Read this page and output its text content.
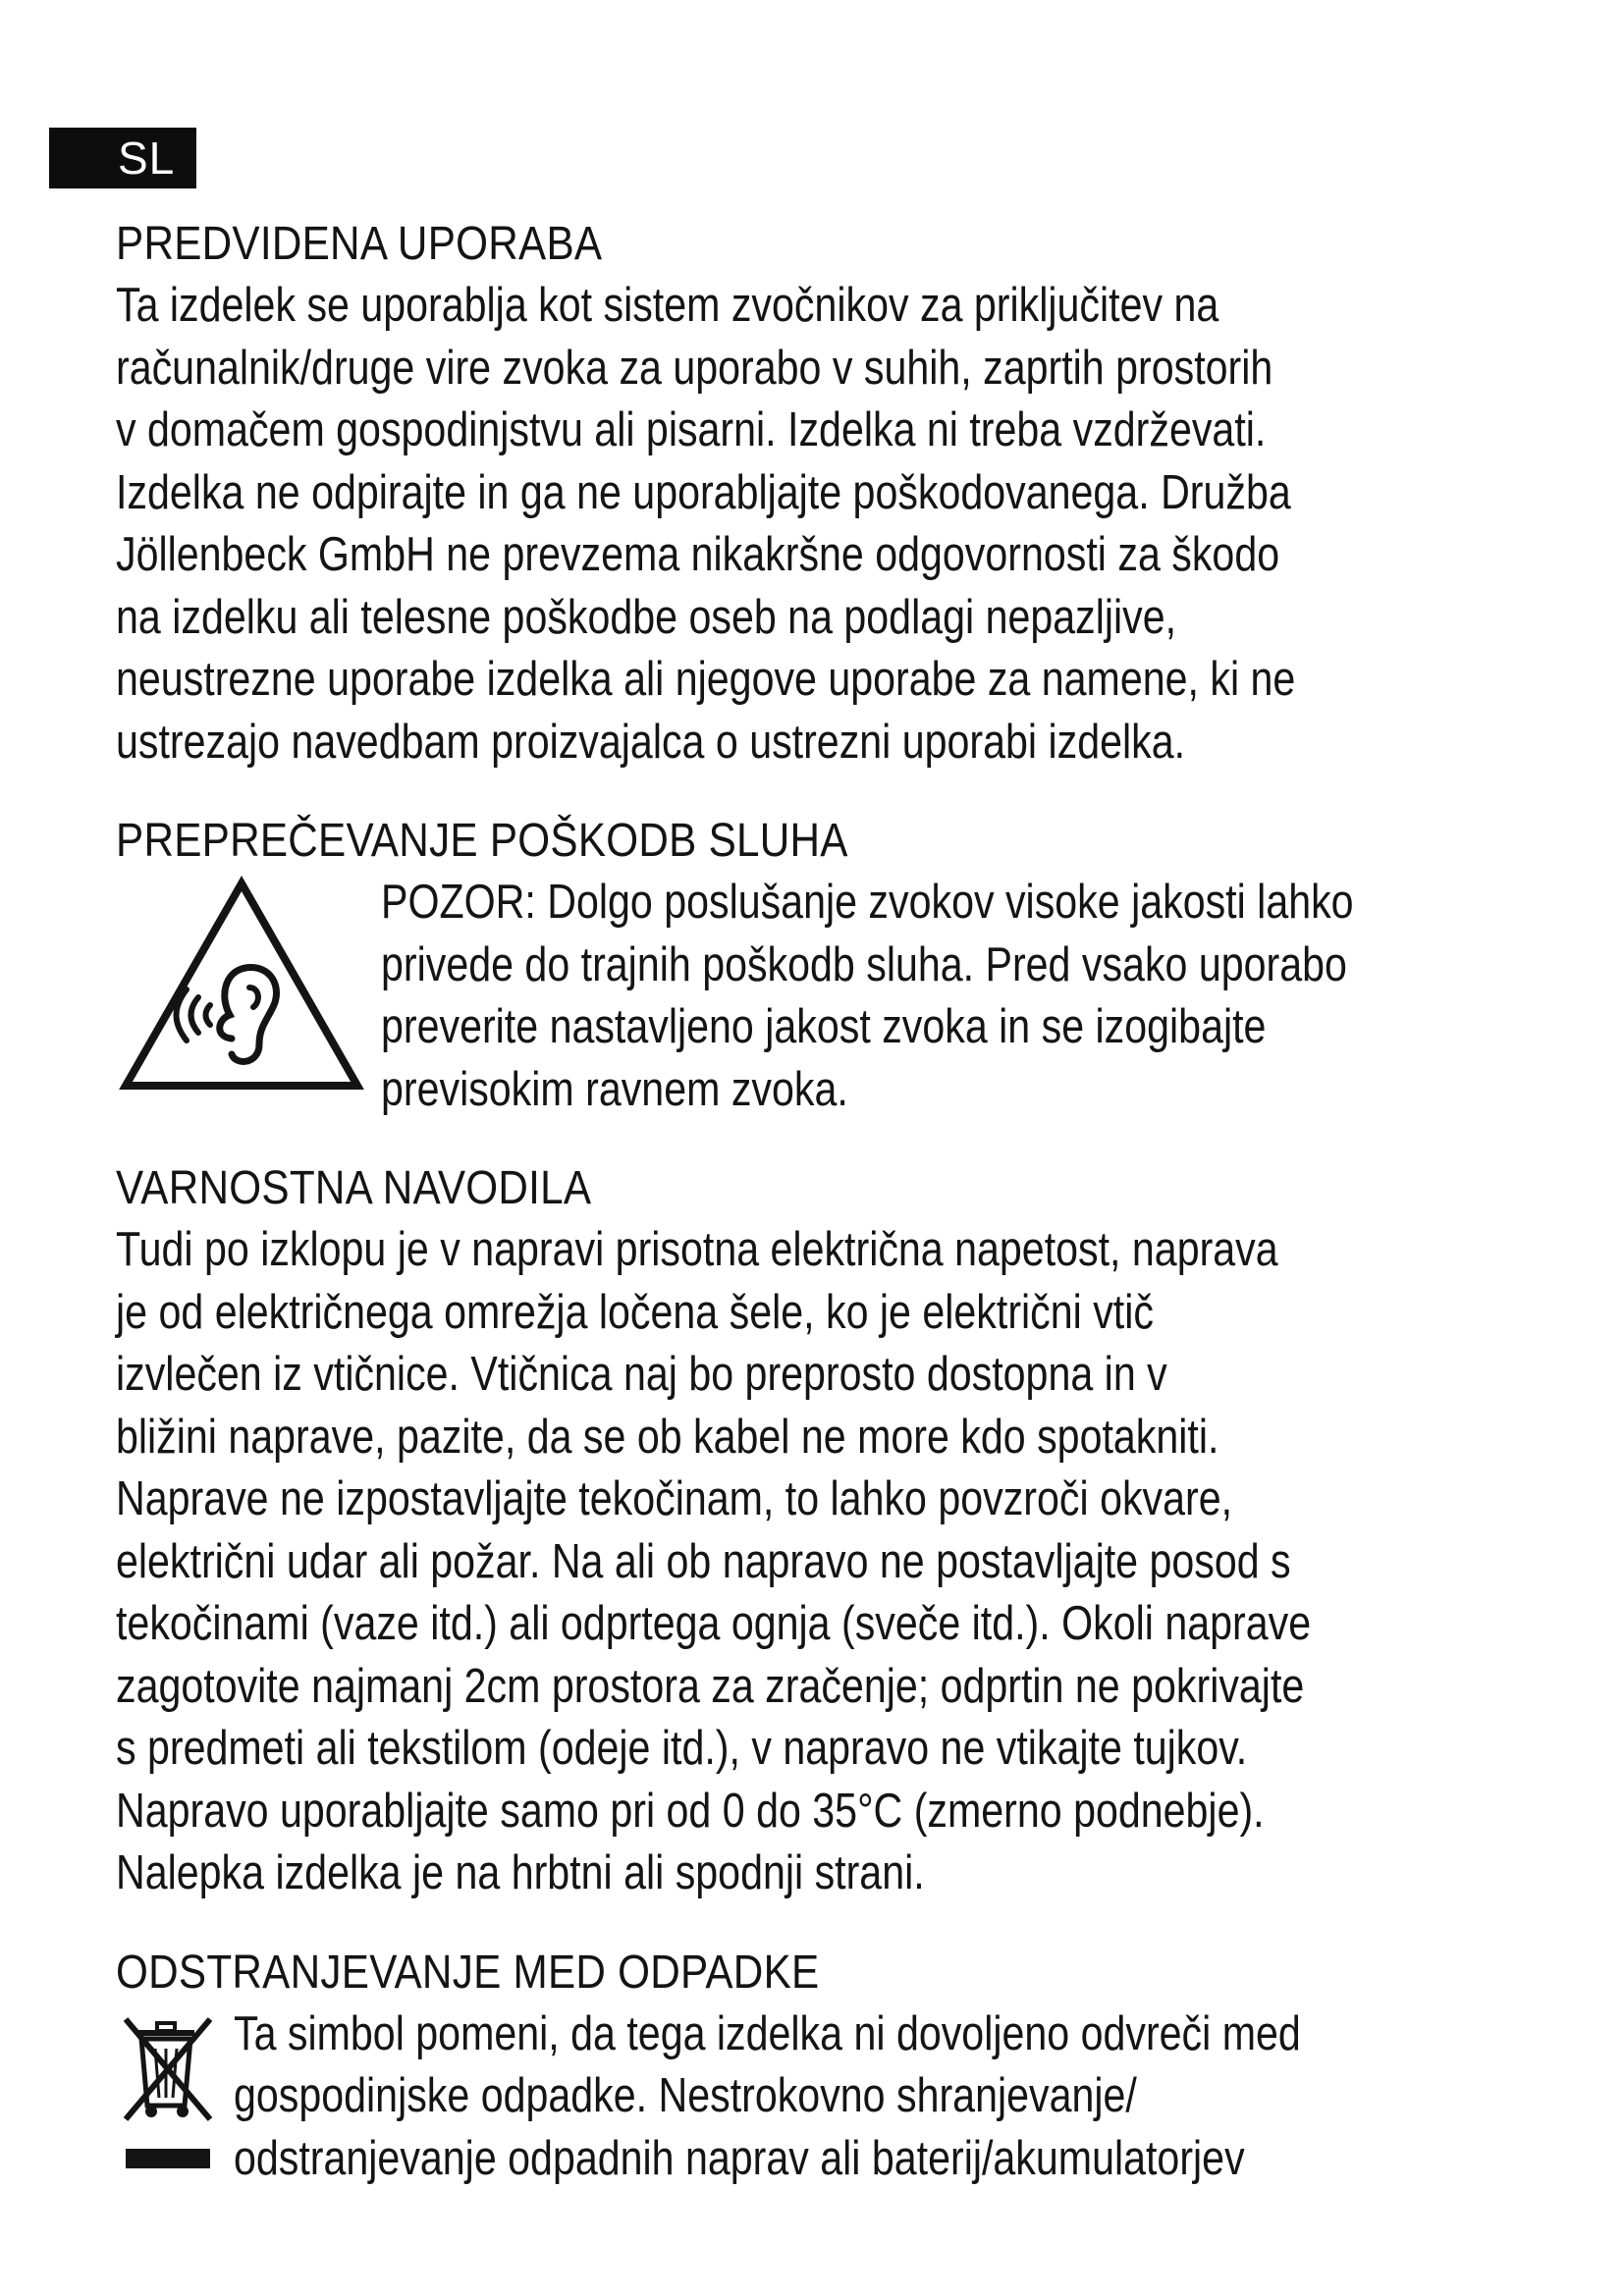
SL
PREDVIDENA UPORABA
Ta izdelek se uporablja kot sistem zvočnikov za priključitev na
računalnik/druge vire zvoka za uporabo v suhih, zaprtih prostorih
v domačem gospodinjstvu ali pisarni. Izdelka ni treba vzdrževati.
Izdelka ne odpirajte in ga ne uporabljajte poškodovanega. Družba
Jöllenbeck GmbH ne prevzema nikakršne odgovornosti za škodo
na izdelku ali telesne poškodbe oseb na podlagi nepazljive,
neustrezne uporabe izdelka ali njegove uporabe za namene, ki ne
ustrezajo navedbam proizvajalca o ustrezni uporabi izdelka.
PREPREČEVANJE POŠKODB SLUHA
POZOR: Dolgo poslušanje zvokov visoke jakosti lahko
privede do trajnih poškodb sluha. Pred vsako uporabo
preverite nastavljeno jakost zvoka in se izogibajte
previsokim ravnem zvoka.
VARNOSTNA NAVODILA
Tudi po izklopu je v napravi prisotna električna napetost, naprava
je od električnega omrežja ločena šele, ko je električni vtič
izvlečen iz vtičnice. Vtičnica naj bo preprosto dostopna in v
bližini naprave, pazite, da se ob kabel ne more kdo spotakniti.
Naprave ne izpostavljajte tekočinam, to lahko povzroči okvare,
električni udar ali požar. Na ali ob napravo ne postavljajte posod s
tekočinami (vaze itd.) ali odprtega ognja (sveče itd.). Okoli naprave
zagotovite najmanj 2cm prostora za zračenje; odprtin ne pokrivajte
s predmeti ali tekstilom (odeje itd.), v napravo ne vtikajte tujkov.
Napravo uporabljajte samo pri od 0 do 35°C (zmerno podnebje).
Nalepka izdelka je na hrbtni ali spodnji strani.
ODSTRANJEVANJE MED ODPADKE
Ta simbol pomeni, da tega izdelka ni dovoljeno odvreči med
gospodinjske odpadke. Nestrokovno shranjevanje/
odstranjevanje odpadnih naprav ali baterij/akumulatorjev
